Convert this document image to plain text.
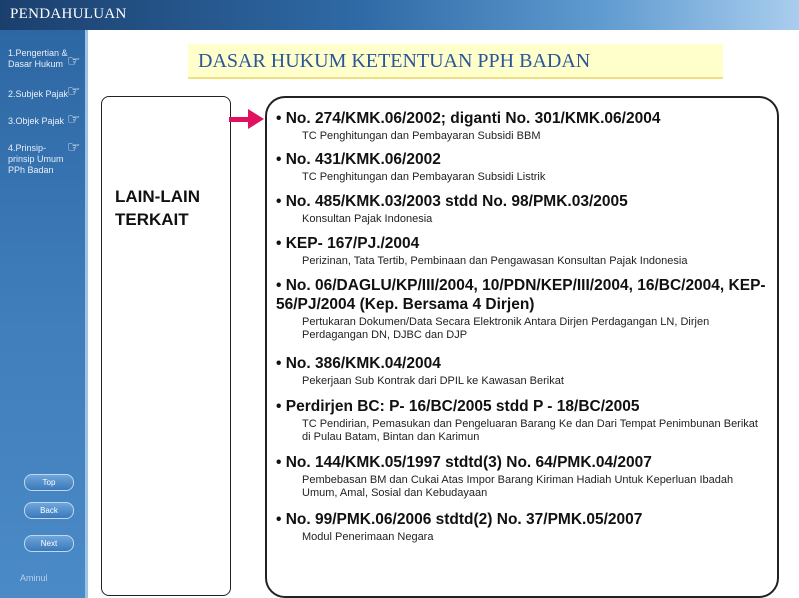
PENDAHULUAN
1.Pengertian & Dasar Hukum ☞
2.Subjek Pajak
☞
3.Objek Pajak ☞
4.Prinsip-prinsip Umum PPh Badan
☞
Top
Back
Next
Aminul
DASAR HUKUM KETENTUAN PPH BADAN
LAIN-LAIN TERKAIT
• No. 274/KMK.06/2002; diganti No. 301/KMK.06/2004
TC Penghitungan dan Pembayaran Subsidi BBM
• No. 431/KMK.06/2002
TC Penghitungan dan Pembayaran Subsidi Listrik
• No. 485/KMK.03/2003 stdd No. 98/PMK.03/2005
Konsultan Pajak Indonesia
• KEP- 167/PJ./2004
Perizinan, Tata Tertib, Pembinaan dan Pengawasan Konsultan Pajak Indonesia
• No. 06/DAGLU/KP/III/2004, 10/PDN/KEP/III/2004, 16/BC/2004, KEP-56/PJ/2004 (Kep. Bersama 4 Dirjen)
Pertukaran Dokumen/Data Secara Elektronik Antara Dirjen Perdagangan LN, Dirjen Perdagangan DN, DJBC dan DJP
• No. 386/KMK.04/2004
Pekerjaan Sub Kontrak dari DPIL ke Kawasan Berikat
• Perdirjen BC: P- 16/BC/2005 stdd P - 18/BC/2005
TC Pendirian, Pemasukan dan Pengeluaran Barang Ke dan Dari Tempat Penimbunan Berikat di Pulau Batam, Bintan dan Karimun
• No. 144/KMK.05/1997 stdtd(3) No. 64/PMK.04/2007
Pembebasan BM dan Cukai Atas Impor Barang Kiriman Hadiah Untuk Keperluan Ibadah Umum, Amal, Sosial dan Kebudayaan
• No. 99/PMK.06/2006 stdtd(2) No. 37/PMK.05/2007
Modul Penerimaan Negara
